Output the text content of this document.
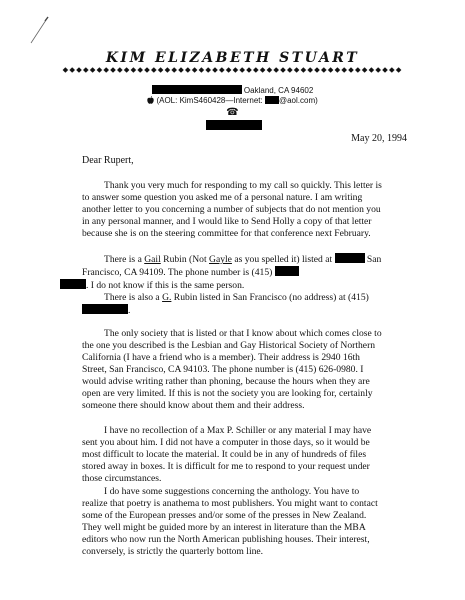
KIM ELIZABETH STUART
Oakland, CA 94602
(AOL: KimS460428—Internet: @aol.com)
☎
May 20, 1994
Dear Rupert,

Thank you very much for responding to my call so quickly. This letter is to answer some question you asked me of a personal nature. I am writing another letter to you concerning a number of subjects that do not mention you in any personal manner, and I would like to Send Holly a copy of that letter because she is on the steering committee for that conference next February.

There is a Gail Rubin (Not Gayle as you spelled it) listed at	San Francisco, CA 94109. The phone number is (415)
. I do not know if this is the same person.

There is also a G. Rubin listed in San Francisco (no address) at (415) .

The only society that is listed or that I know about which comes close to the one you described is the Lesbian and Gay Historical Society of Northern California (I have a friend who is a member). Their address is 2940 16th Street, San Francisco, CA 94103. The phone number is (415) 626-0980. I would advise writing rather than phoning, because the hours when they are open are very limited. If this is not the society you are looking for, certainly someone there should know about them and their address.

I have no recollection of a Max P. Schiller or any material I may have sent you about him. I did not have a computer in those days, so it would be most difficult to locate the material. It could be in any of hundreds of files stored away in boxes. It is difficult for me to respond to your request under those circumstances.

I do have some suggestions concerning the anthology. You have to realize that poetry is anathema to most publishers. You might want to contact some of the European presses and/or some of the presses in New Zealand. They well might be guided more by an interest in literature than the MBA editors who now run the North American publishing houses. Their interest, conversely, is strictly the quarterly bottom line.
